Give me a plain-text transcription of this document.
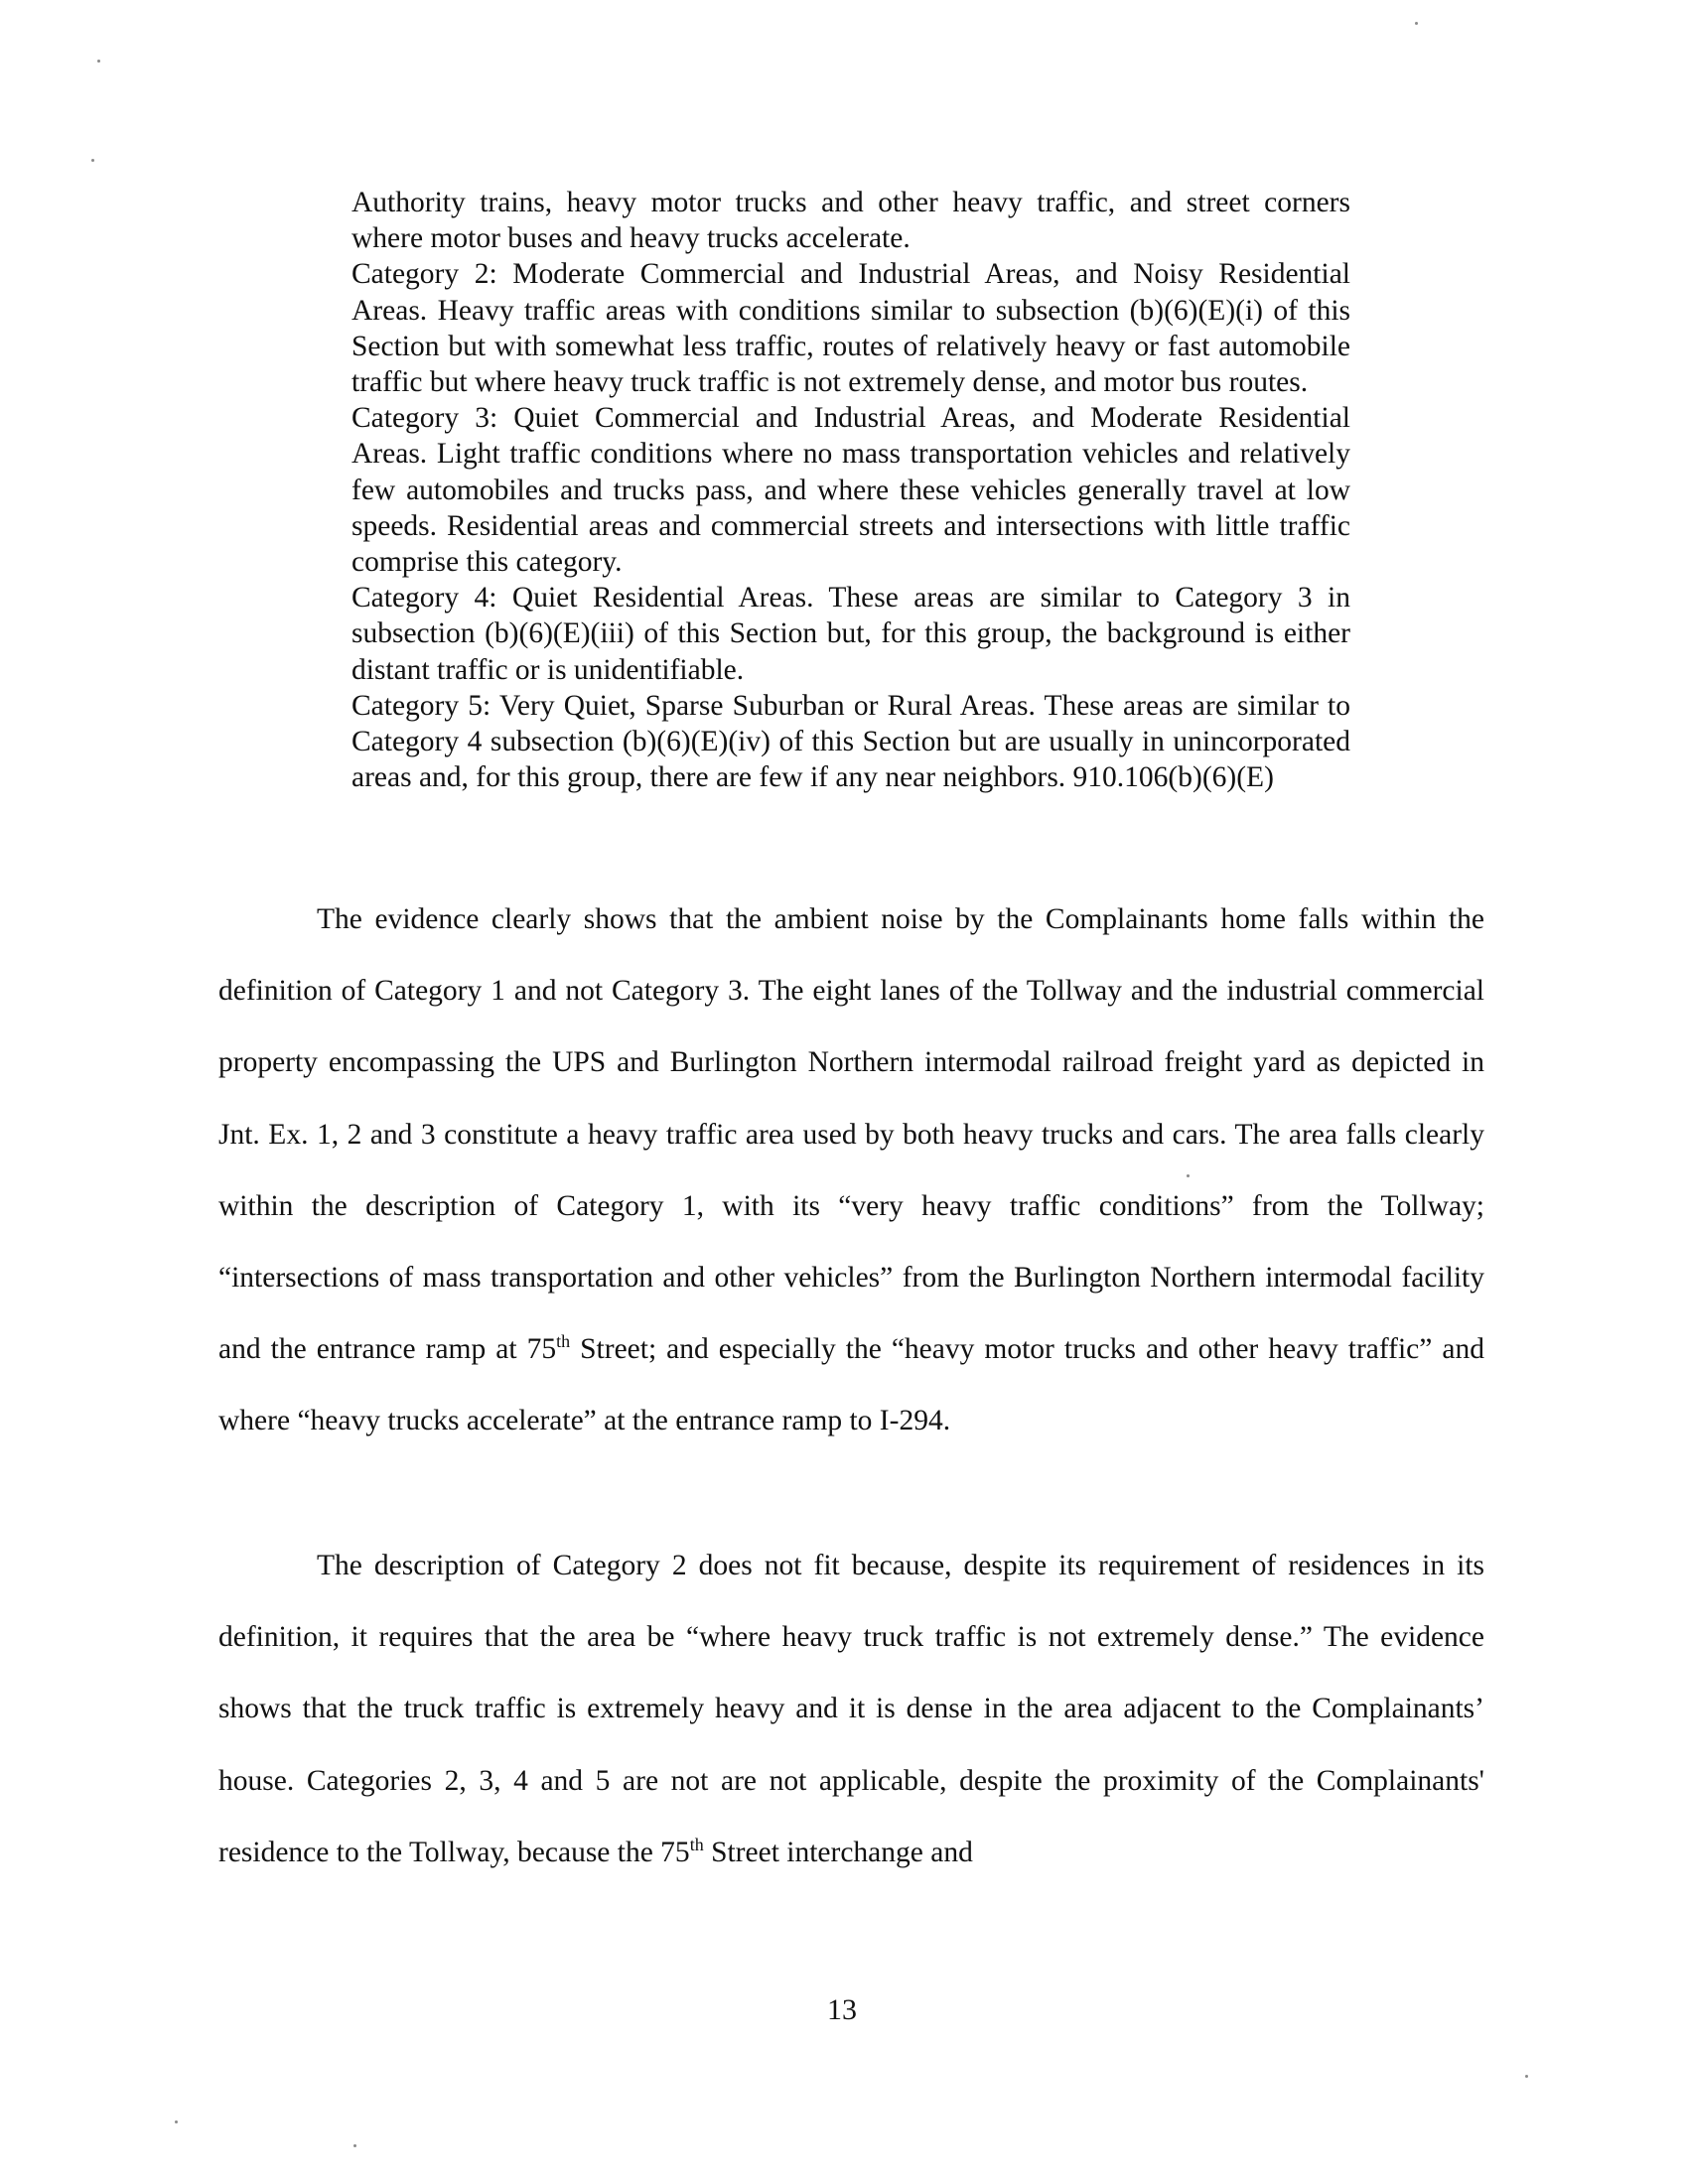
Authority trains, heavy motor trucks and other heavy traffic, and street corners where motor buses and heavy trucks accelerate.

Category 2: Moderate Commercial and Industrial Areas, and Noisy Residential Areas. Heavy traffic areas with conditions similar to subsection (b)(6)(E)(i) of this Section but with somewhat less traffic, routes of relatively heavy or fast automobile traffic but where heavy truck traffic is not extremely dense, and motor bus routes.

Category 3: Quiet Commercial and Industrial Areas, and Moderate Residential Areas. Light traffic conditions where no mass transportation vehicles and relatively few automobiles and trucks pass, and where these vehicles generally travel at low speeds. Residential areas and commercial streets and intersections with little traffic comprise this category.

Category 4: Quiet Residential Areas. These areas are similar to Category 3 in subsection (b)(6)(E)(iii) of this Section but, for this group, the background is either distant traffic or is unidentifiable.

Category 5: Very Quiet, Sparse Suburban or Rural Areas. These areas are similar to Category 4 subsection (b)(6)(E)(iv) of this Section but are usually in unincorporated areas and, for this group, there are few if any near neighbors. 910.106(b)(6)(E)

The evidence clearly shows that the ambient noise by the Complainants home falls within the definition of Category 1 and not Category 3. The eight lanes of the Tollway and the industrial commercial property encompassing the UPS and Burlington Northern intermodal railroad freight yard as depicted in Jnt. Ex. 1, 2 and 3 constitute a heavy traffic area used by both heavy trucks and cars. The area falls clearly within the description of Category 1, with its “very heavy traffic conditions” from the Tollway; “intersections of mass transportation and other vehicles” from the Burlington Northern intermodal facility and the entrance ramp at 75th Street; and especially the “heavy motor trucks and other heavy traffic” and where “heavy trucks accelerate” at the entrance ramp to I-294.

The description of Category 2 does not fit because, despite its requirement of residences in its definition, it requires that the area be “where heavy truck traffic is not extremely dense.” The evidence shows that the truck traffic is extremely heavy and it is dense in the area adjacent to the Complainants’ house. Categories 2, 3, 4 and 5 are not are not applicable, despite the proximity of the Complainants' residence to the Tollway, because the 75th Street interchange and

13
